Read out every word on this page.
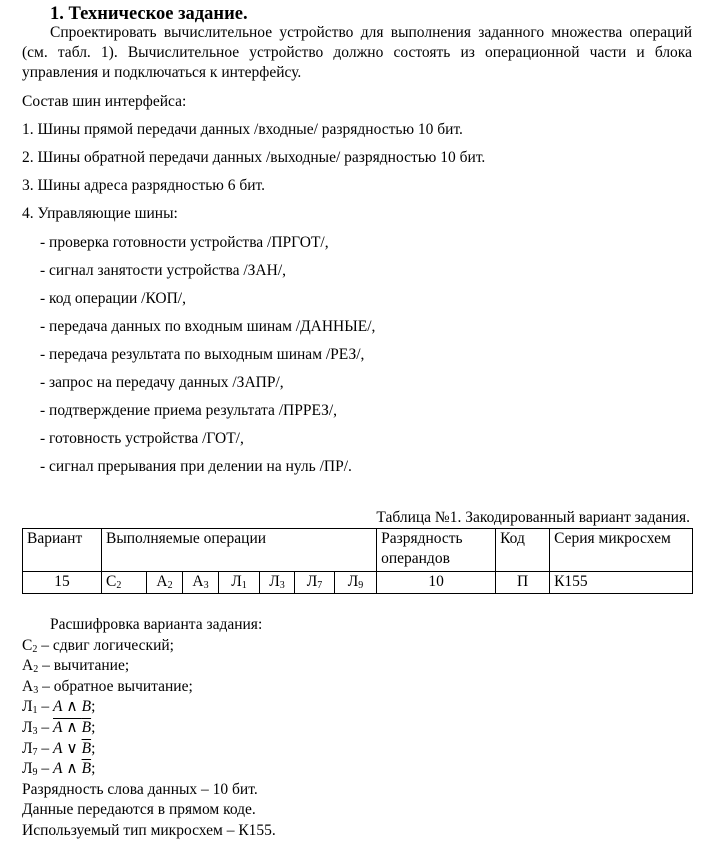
1. Техническое задание.
Спроектировать вычислительное устройство для выполнения заданного множества операций (см. табл. 1). Вычислительное устройство должно состоять из операционной части и блока управления и подключаться к интерфейсу.
Состав шин интерфейса:
1. Шины прямой передачи данных /входные/ разрядностью 10 бит.
2. Шины обратной передачи данных /выходные/ разрядностью 10 бит.
3. Шины адреса разрядностью 6 бит.
4. Управляющие шины:
- проверка готовности устройства /ПРГОТ/,
- сигнал занятости устройства /ЗАН/,
- код операции /КОП/,
- передача данных по входным шинам /ДАННЫЕ/,
- передача результата по выходным шинам /РЕЗ/,
- запрос на передачу данных /ЗАПР/,
- подтверждение приема результата /ПРРЕЗ/,
- готовность устройства /ГОТ/,
- сигнал прерывания при делении на нуль /ПР/.
Таблица №1. Закодированный вариант задания.
Вариант	Выполняемые операции							Разрядность операндов	Код	Серия микросхем
15	$С_2$	$А_2$	$А_3$	$Л_1$	$Л_3$	$Л_7$	$Л_9$	10	П	К155
Расшифровка варианта задания:
$С_2$ – сдвиг логический;
$А_2$ – вычитание;
$А_3$ – обратное вычитание;
$Л_1$ – A ∧ B;
$Л_3$ – A ∧ B;
$Л_7$ – A ∨ $\overline{B}$;
$Л_9$ – A ∧ $\overline{B}$;
Разрядность слова данных – 10 бит.
Данные передаются в прямом коде.
Используемый тип микросхем – К155.
